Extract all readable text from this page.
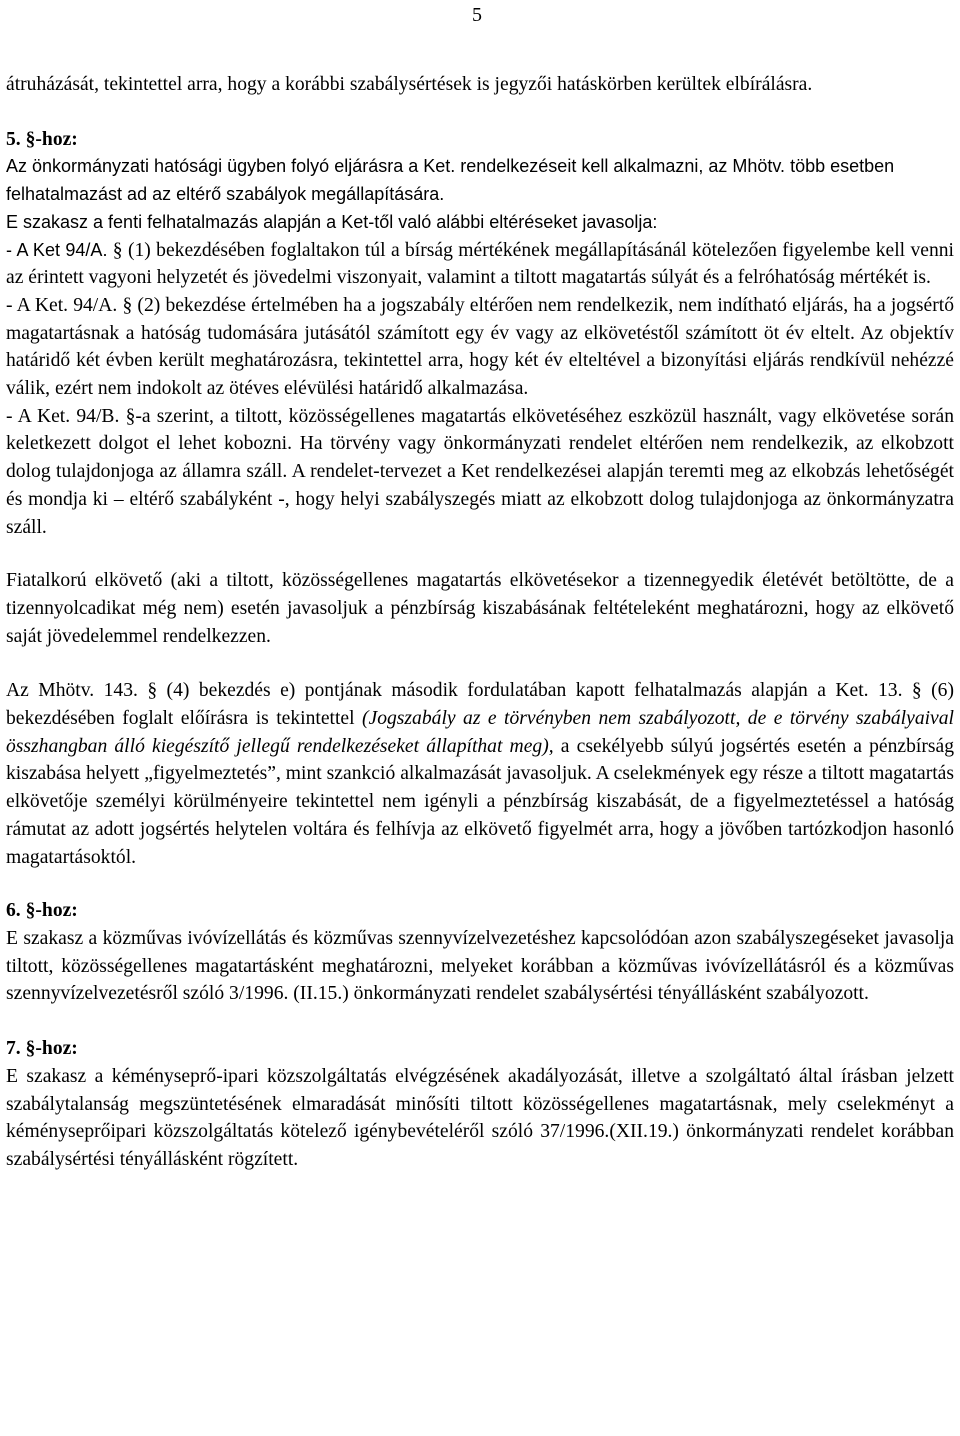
5

átruházását, tekintettel arra, hogy a korábbi szabálysértések is jegyzői hatáskörben kerültek elbírálásra.

5. §-hoz:

Az önkormányzati hatósági ügyben folyó eljárásra a Ket. rendelkezéseit kell alkalmazni, az Mhötv. több esetben felhatalmazást ad az eltérő szabályok megállapítására.

E szakasz a fenti felhatalmazás alapján a Ket-től való alábbi eltéréseket javasolja:

- A Ket 94/A. § (1) bekezdésében foglaltakon túl a bírság mértékének megállapításánál kötelezően figyelembe kell venni az érintett vagyoni helyzetét és jövedelmi viszonyait, valamint a tiltott magatartás súlyát és a felróhatóság mértékét is.

- A Ket. 94/A. § (2) bekezdése értelmében ha a jogszabály eltérően nem rendelkezik, nem indítható eljárás, ha a jogsértő magatartásnak a hatóság tudomására jutásától számított egy év vagy az elkövetéstől számított öt év eltelt. Az objektív határidő két évben került meghatározásra, tekintettel arra, hogy két év elteltével a bizonyítási eljárás rendkívül nehézzé válik, ezért nem indokolt az ötéves elévülési határidő alkalmazása.

- A Ket. 94/B. §-a szerint, a tiltott, közösségellenes magatartás elkövetéséhez eszközül használt, vagy elkövetése során keletkezett dolgot el lehet kobozni. Ha törvény vagy önkormányzati rendelet eltérően nem rendelkezik, az elkobzott dolog tulajdonjoga az államra száll. A rendelet-tervezet a Ket rendelkezései alapján teremti meg az elkobzás lehetőségét és mondja ki – eltérő szabályként -, hogy helyi szabályszegés miatt az elkobzott dolog tulajdonjoga az önkormányzatra száll.

Fiatalkorú elkövető (aki a tiltott, közösségellenes magatartás elkövetésekor a tizennegyedik életévét betöltötte, de a tizennyolcadikat még nem) esetén javasoljuk a pénzbírság kiszabásának feltételeként meghatározni, hogy az elkövető saját jövedelemmel rendelkezzen.

Az Mhötv. 143. § (4) bekezdés e) pontjának második fordulatában kapott felhatalmazás alapján a Ket. 13. § (6) bekezdésében foglalt előírásra is tekintettel (Jogszabály az e törvényben nem szabályozott, de e törvény szabályaival összhangban álló kiegészítő jellegű rendelkezéseket állapíthat meg), a csekélyebb súlyú jogsértés esetén a pénzbírság kiszabása helyett „figyelmeztetés”, mint szankció alkalmazását javasoljuk. A cselekmények egy része a tiltott magatartás elkövetője személyi körülményeire tekintettel nem igényli a pénzbírság kiszabását, de a figyelmeztetéssel a hatóság rámutat az adott jogsértés helytelen voltára és felhívja az elkövető figyelmét arra, hogy a jövőben tartózkodjon hasonló magatartásoktól.

6. §-hoz:

E szakasz a közművas ivóvízellátás és közművas szennyvízelvezetéshez kapcsolódóan azon szabályszegéseket javasolja tiltott, közösségellenes magatartásként meghatározni, melyeket korábban a közművas ivóvízellátásról és a közművas szennyvízelvezetésről szóló 3/1996. (II.15.) önkormányzati rendelet szabálysértési tényállásként szabályozott.

7. §-hoz:

E szakasz a kéményseprő-ipari közszolgáltatás elvégzésének akadályozását, illetve a szolgáltató által írásban jelzett szabálytalanság megszüntetésének elmaradását minősíti tiltott közösségellenes magatartásnak, mely cselekményt a kéményseprőipari közszolgáltatás kötelező igénybevételéről szóló 37/1996.(XII.19.) önkormányzati rendelet korábban szabálysértési tényállásként rögzített.
